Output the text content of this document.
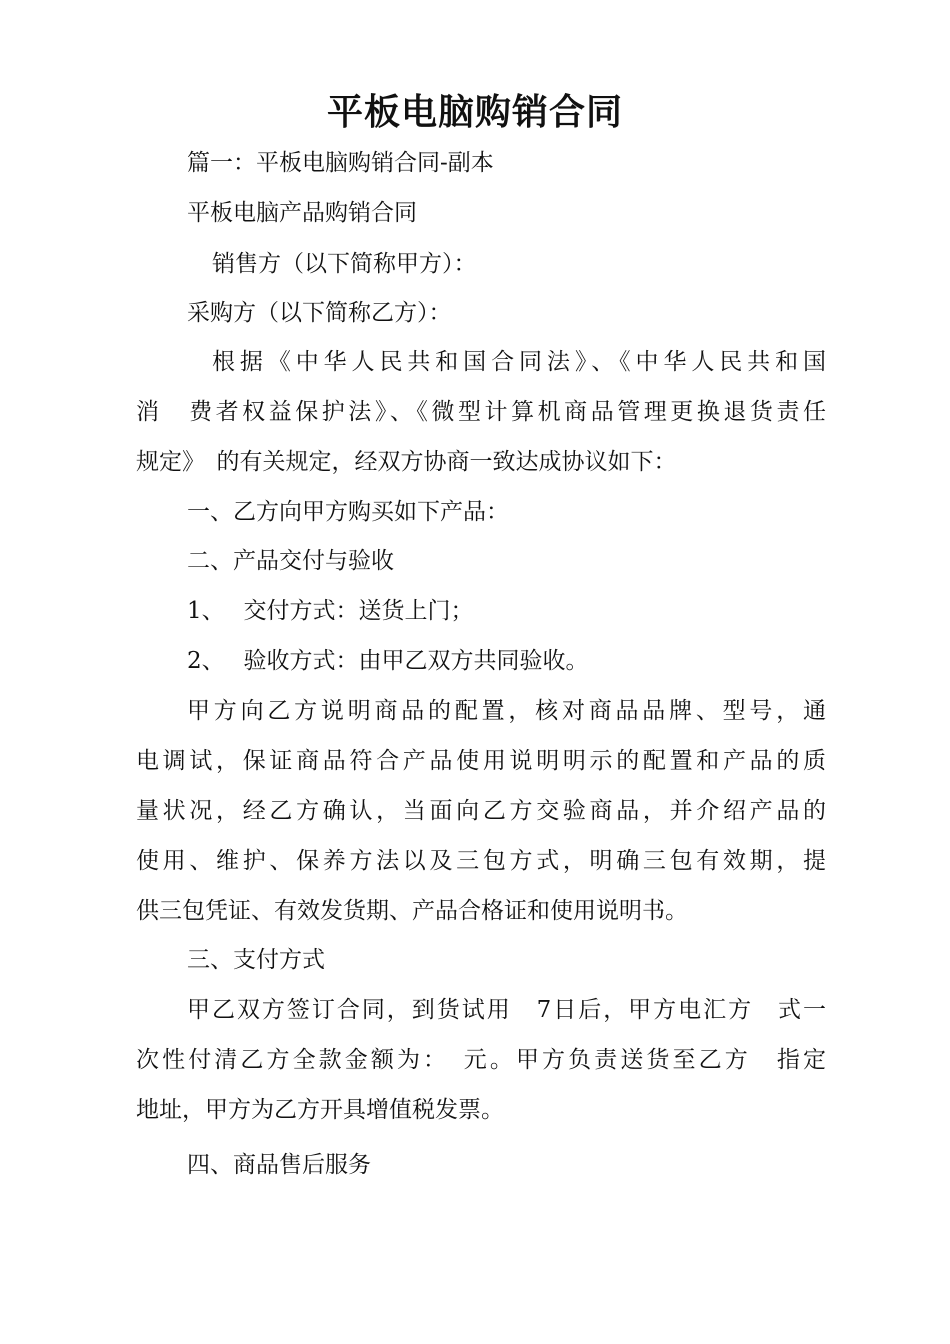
平板电脑购销合同

篇一：平板电脑购销合同-副本

平板电脑产品购销合同

销售方（以下简称甲方）：

采购方（以下简称乙方）：

根据《中华人民共和国合同法》、《中华人民共和国

消　费者权益保护法》、《微型计算机商品管理更换退货责任

规定》　的有关规定，经双方协商一致达成协议如下：

一、乙方向甲方购买如下产品：

二、产品交付与验收

1、　 交付方式：送货上门；

2、　 验收方式：由甲乙双方共同验收。

甲方向乙方说明商品的配置，核对商品品牌、型号，通

电调试，保证商品符合产品使用说明明示的配置和产品的质

量状况，经乙方确认，当面向乙方交验商品，并介绍产品的

使用、维护、保养方法以及三包方式，明确三包有效期，提

供三包凭证、有效发货期、产品合格证和使用说明书。

三、支付方式

甲乙双方签订合同，到货试用　7日后，甲方电汇方　式一

次性付清乙方全款金额为：　元。甲方负责送货至乙方　指定

地址，甲方为乙方开具增值税发票。

四、商品售后服务
